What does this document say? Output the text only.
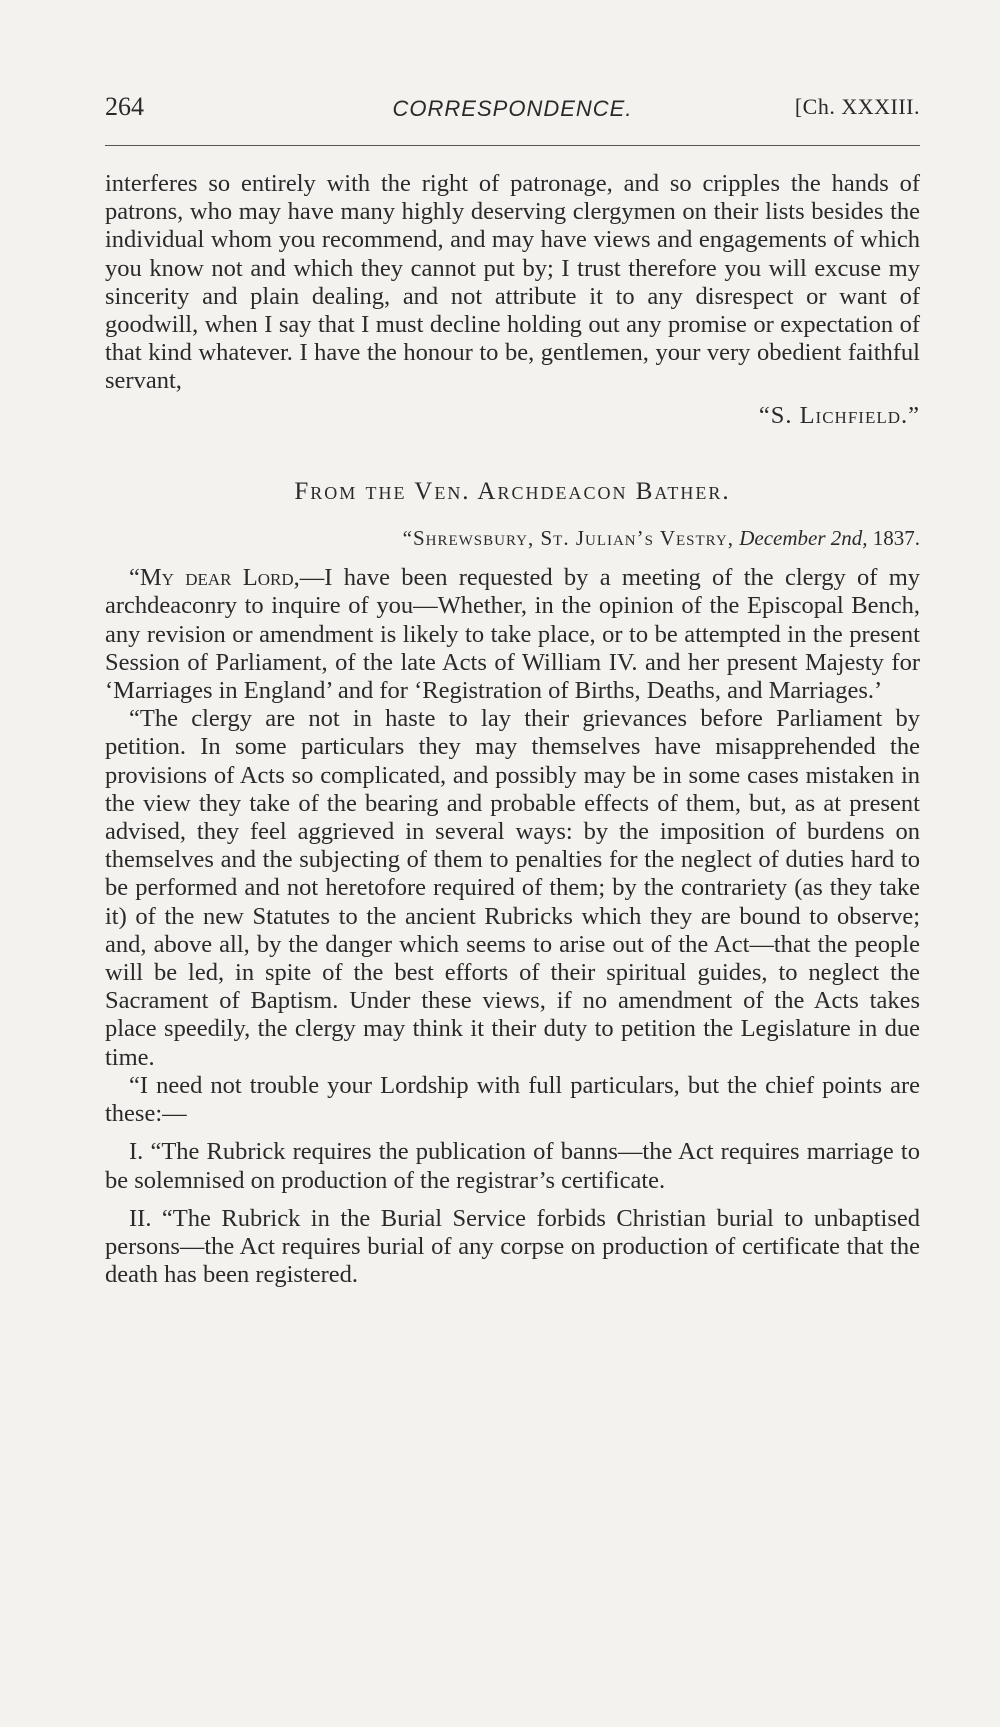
264	CORRESPONDENCE.	[Ch. XXXIII.

interferes so entirely with the right of patronage, and so cripples the hands of patrons, who may have many highly deserving clergymen on their lists besides the individual whom you recommend, and may have views and engagements of which you know not and which they cannot put by; I trust therefore you will excuse my sincerity and plain dealing, and not attribute it to any disrespect or want of goodwill, when I say that I must decline holding out any promise or expectation of that kind whatever. I have the honour to be, gentlemen, your very obedient faithful servant,

“S. Lichfield.”

From the Ven. Archdeacon Bather.

“Shrewsbury, St. Julian’s Vestry, December 2nd, 1837.

“My dear Lord,—I have been requested by a meeting of the clergy of my archdeaconry to inquire of you—Whether, in the opinion of the Episcopal Bench, any revision or amendment is likely to take place, or to be attempted in the present Session of Parliament, of the late Acts of William IV. and her present Majesty for ‘Marriages in England’ and for ‘Registration of Births, Deaths, and Marriages.’

“The clergy are not in haste to lay their grievances before Parliament by petition. In some particulars they may themselves have misapprehended the provisions of Acts so complicated, and possibly may be in some cases mistaken in the view they take of the bearing and probable effects of them, but, as at present advised, they feel aggrieved in several ways: by the imposition of burdens on themselves and the subjecting of them to penalties for the neglect of duties hard to be performed and not heretofore required of them; by the contrariety (as they take it) of the new Statutes to the ancient Rubricks which they are bound to observe; and, above all, by the danger which seems to arise out of the Act—that the people will be led, in spite of the best efforts of their spiritual guides, to neglect the Sacrament of Baptism. Under these views, if no amendment of the Acts takes place speedily, the clergy may think it their duty to petition the Legislature in due time.

“I need not trouble your Lordship with full particulars, but the chief points are these:—

I. “The Rubrick requires the publication of banns—the Act requires marriage to be solemnised on production of the registrar’s certificate.

II. “The Rubrick in the Burial Service forbids Christian burial to unbaptised persons—the Act requires burial of any corpse on production of certificate that the death has been registered.
